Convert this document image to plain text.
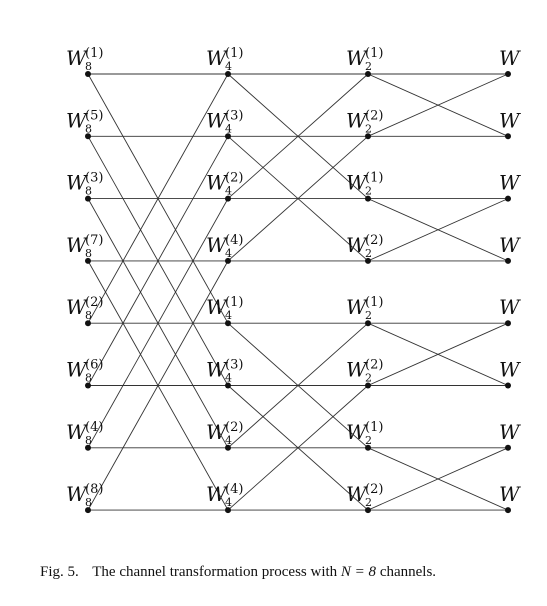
W
(1)
8
W
(5)
8
W
(3)
8
W
(7)
8
W
(2)
8
W
(6)
8
W
(4)
8
W
(8)
8
W
(1)
4
W
(3)
4
W
(2)
4
W
(4)
4
W
(1)
4
W
(3)
4
W
(2)
4
W
(4)
4
W
(1)
2
W
(2)
2
W
(1)
2
W
(2)
2
W
(1)
2
W
(2)
2
W
(1)
2
W
(2)
2
W
W
W
W
W
W
W
W
Fig. 5. The channel transformation process with N = 8 channels.
